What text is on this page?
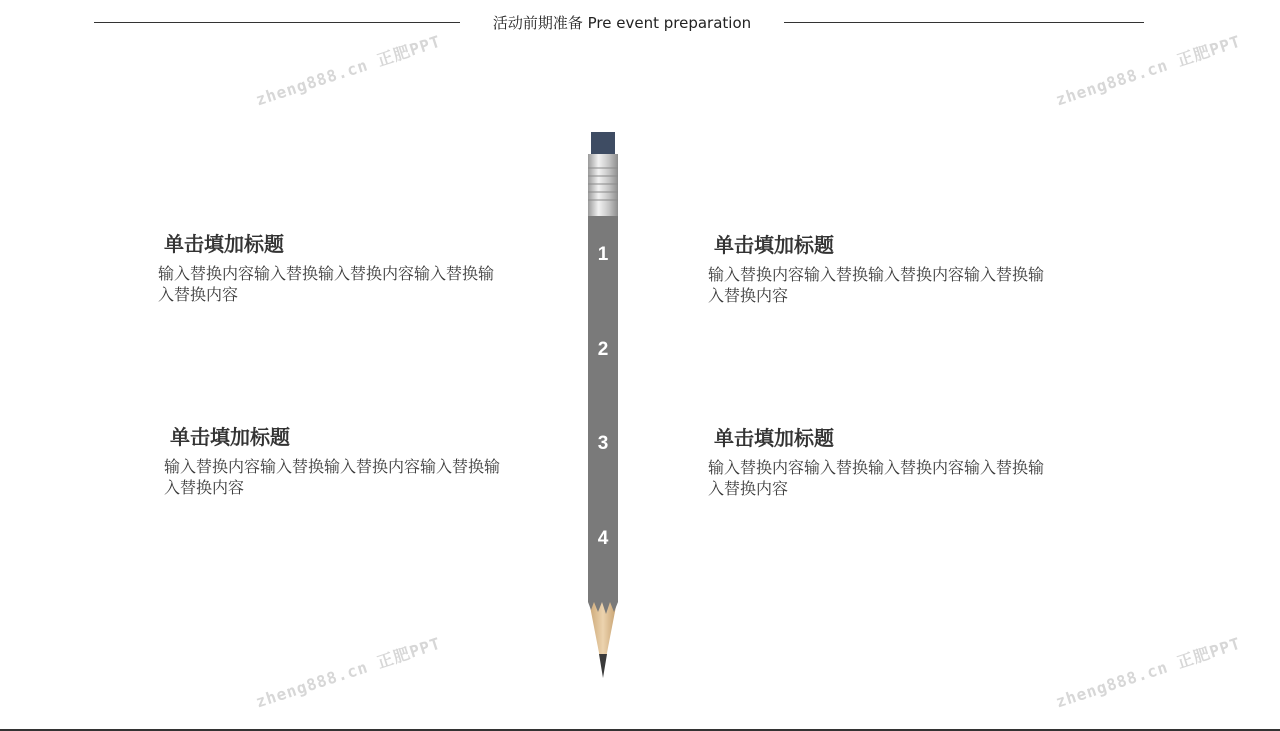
活动前期准备 Pre event preparation
zheng888.cn 正肥PPT	zheng888.cn 正肥PPT
zheng888.cn 正肥PPT	zheng888.cn 正肥PPT
单击填加标题

输入替换内容输入替换输入替换内容输入替换输入替换内容

单击填加标题

输入替换内容输入替换输入替换内容输入替换输入替换内容

单击填加标题

输入替换内容输入替换输入替换内容输入替换输入替换内容

单击填加标题

输入替换内容输入替换输入替换内容输入替换输入替换内容

1
2
3
4
